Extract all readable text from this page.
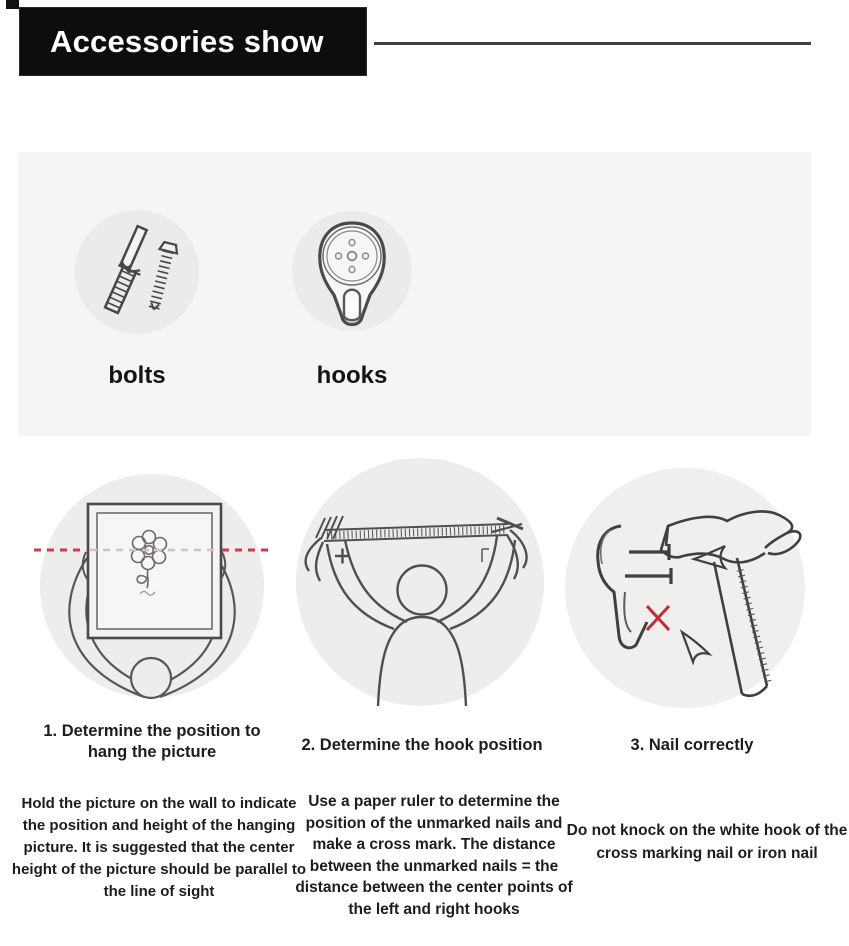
Accessories show
bolts	hooks
1. Determine the position to hang the picture	2. Determine the hook position	3. Nail correctly
Hold the picture on the wall to indicate the position and height of the hanging picture. It is suggested that the center height of the picture should be parallel to the line of sight
Use a paper ruler to determine the position of the unmarked nails and make a cross mark. The distance between the unmarked nails = the distance between the center points of the left and right hooks
Do not knock on the white hook of the cross marking nail or iron nail
